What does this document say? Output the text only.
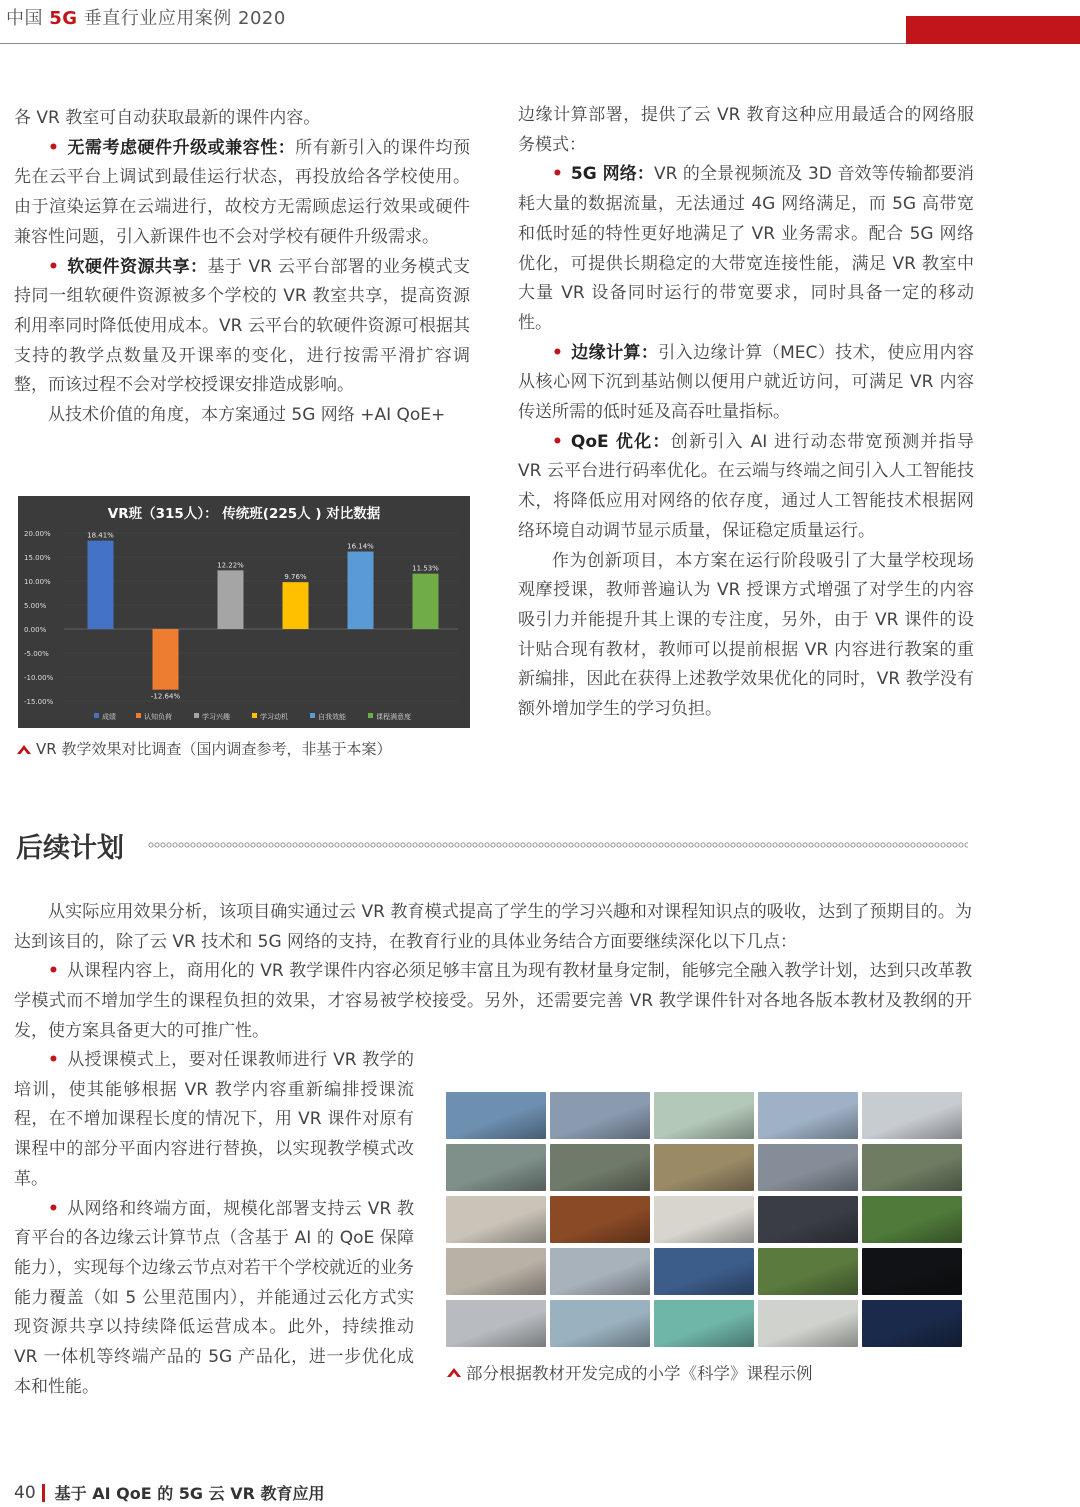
中国 5G 垂直行业应用案例 2020

各 VR 教室可自动获取最新的课件内容。

• 无需考虑硬件升级或兼容性：所有新引入的课件均预先在云平台上调试到最佳运行状态，再投放给各学校使用。由于渲染运算在云端进行，故校方无需顾虑运行效果或硬件兼容性问题，引入新课件也不会对学校有硬件升级需求。

• 软硬件资源共享：基于 VR 云平台部署的业务模式支持同一组软硬件资源被多个学校的 VR 教室共享，提高资源利用率同时降低使用成本。VR 云平台的软硬件资源可根据其支持的教学点数量及开课率的变化，进行按需平滑扩容调整，而该过程不会对学校授课安排造成影响。

从技术价值的角度，本方案通过 5G 网络 +AI QoE+

边缘计算部署，提供了云 VR 教育这种应用最适合的网络服务模式：

• 5G 网络：VR 的全景视频流及 3D 音效等传输都要消耗大量的数据流量，无法通过 4G 网络满足，而 5G 高带宽和低时延的特性更好地满足了 VR 业务需求。配合 5G 网络优化，可提供长期稳定的大带宽连接性能，满足 VR 教室中大量 VR 设备同时运行的带宽要求，同时具备一定的移动性。

• 边缘计算：引入边缘计算（MEC）技术，使应用内容从核心网下沉到基站侧以便用户就近访问，可满足 VR 内容传送所需的低时延及高吞吐量指标。

• QoE 优化：创新引入 AI 进行动态带宽预测并指导 VR 云平台进行码率优化。在云端与终端之间引入人工智能技术，将降低应用对网络的依存度，通过人工智能技术根据网络环境自动调节显示质量，保证稳定质量运行。

作为创新项目，本方案在运行阶段吸引了大量学校现场观摩授课，教师普遍认为 VR 授课方式增强了对学生的内容吸引力并能提升其上课的专注度，另外，由于 VR 课件的设计贴合现有教材，教师可以提前根据 VR 内容进行教案的重新编排，因此在获得上述教学效果优化的同时，VR 教学没有额外增加学生的学习负担。

VR班（315人）： 传统班(225人 ) 对比数据
20.00%
15.00%
10.00%
5.00%
0.00%
-5.00%
-10.00%
-15.00%
18.41%
-12.64%
12.22%
9.76%
16.14%
11.53%
成绩	认知负荷	学习兴趣	学习动机	自我效能	课程满意度
VR 教学效果对比调查（国内调查参考，非基于本案）
后续计划

从实际应用效果分析，该项目确实通过云 VR 教育模式提高了学生的学习兴趣和对课程知识点的吸收，达到了预期目的。为达到该目的，除了云 VR 技术和 5G 网络的支持，在教育行业的具体业务结合方面要继续深化以下几点：

• 从课程内容上，商用化的 VR 教学课件内容必须足够丰富且为现有教材量身定制，能够完全融入教学计划，达到只改革教学模式而不增加学生的课程负担的效果，才容易被学校接受。另外，还需要完善 VR 教学课件针对各地各版本教材及教纲的开发，使方案具备更大的可推广性。

• 从授课模式上，要对任课教师进行 VR 教学的培训，使其能够根据 VR 教学内容重新编排授课流程，在不增加课程长度的情况下，用 VR 课件对原有课程中的部分平面内容进行替换，以实现教学模式改革。

• 从网络和终端方面，规模化部署支持云 VR 教育平台的各边缘云计算节点（含基于 AI 的 QoE 保障能力），实现每个边缘云节点对若干个学校就近的业务能力覆盖（如 5 公里范围内），并能通过云化方式实现资源共享以持续降低运营成本。此外，持续推动 VR 一体机等终端产品的 5G 产品化，进一步优化成本和性能。

部分根据教材开发完成的小学《科学》课程示例
40 基于 AI QoE 的 5G 云 VR 教育应用
